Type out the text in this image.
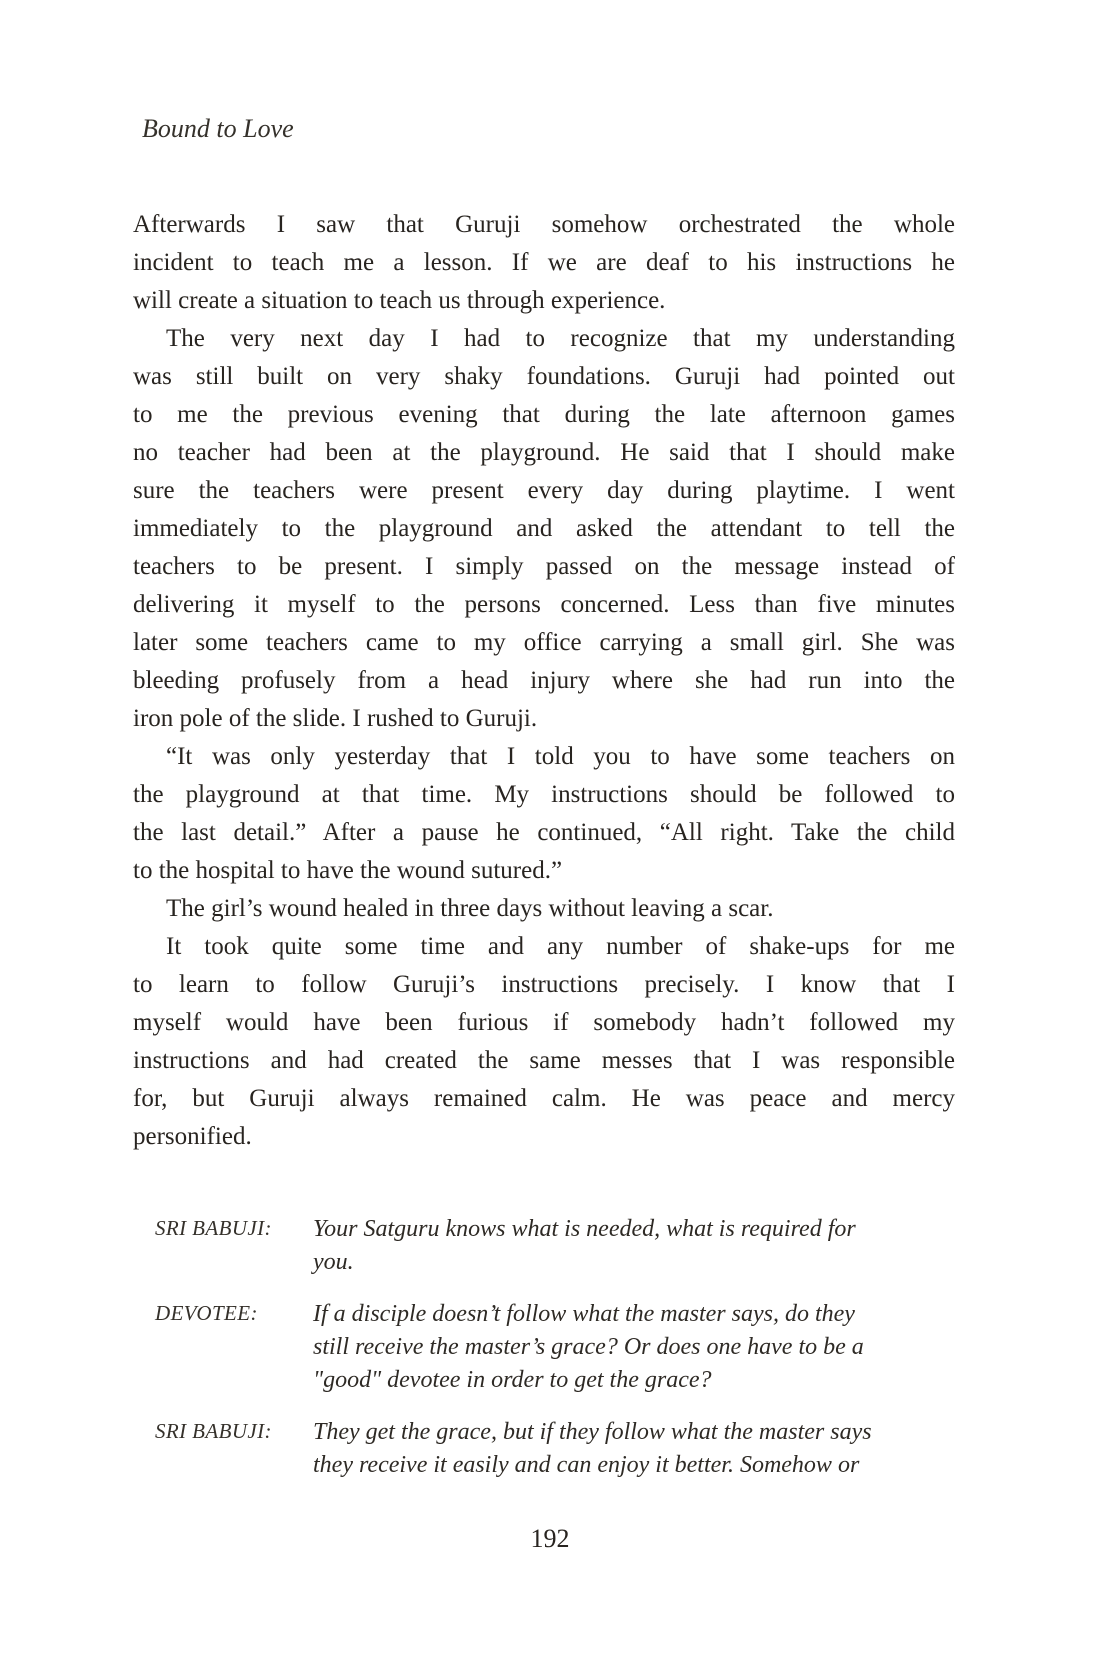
Bound to Love
Afterwards I saw that Guruji somehow orchestrated the whole
incident to teach me a lesson. If we are deaf to his instructions he
will create a situation to teach us through experience.
The very next day I had to recognize that my understanding
was still built on very shaky foundations. Guruji had pointed out
to me the previous evening that during the late afternoon games
no teacher had been at the playground. He said that I should make
sure the teachers were present every day during playtime. I went
immediately to the playground and asked the attendant to tell the
teachers to be present. I simply passed on the message instead of
delivering it myself to the persons concerned. Less than five minutes
later some teachers came to my office carrying a small girl. She was
bleeding profusely from a head injury where she had run into the
iron pole of the slide. I rushed to Guruji.
“It was only yesterday that I told you to have some teachers on
the playground at that time. My instructions should be followed to
the last detail.” After a pause he continued, “All right. Take the child
to the hospital to have the wound sutured.”
The girl’s wound healed in three days without leaving a scar.
It took quite some time and any number of shake-ups for me
to learn to follow Guruji’s instructions precisely. I know that I
myself would have been furious if somebody hadn’t followed my
instructions and had created the same messes that I was responsible
for, but Guruji always remained calm. He was peace and mercy
personified.
SRI BABUJI: Your Satguru knows what is needed, what is required for
you.
DEVOTEE: If a disciple doesn’t follow what the master says, do they
still receive the master’s grace? Or does one have to be a
"good" devotee in order to get the grace?
SRI BABUJI: They get the grace, but if they follow what the master says
they receive it easily and can enjoy it better. Somehow or
192
